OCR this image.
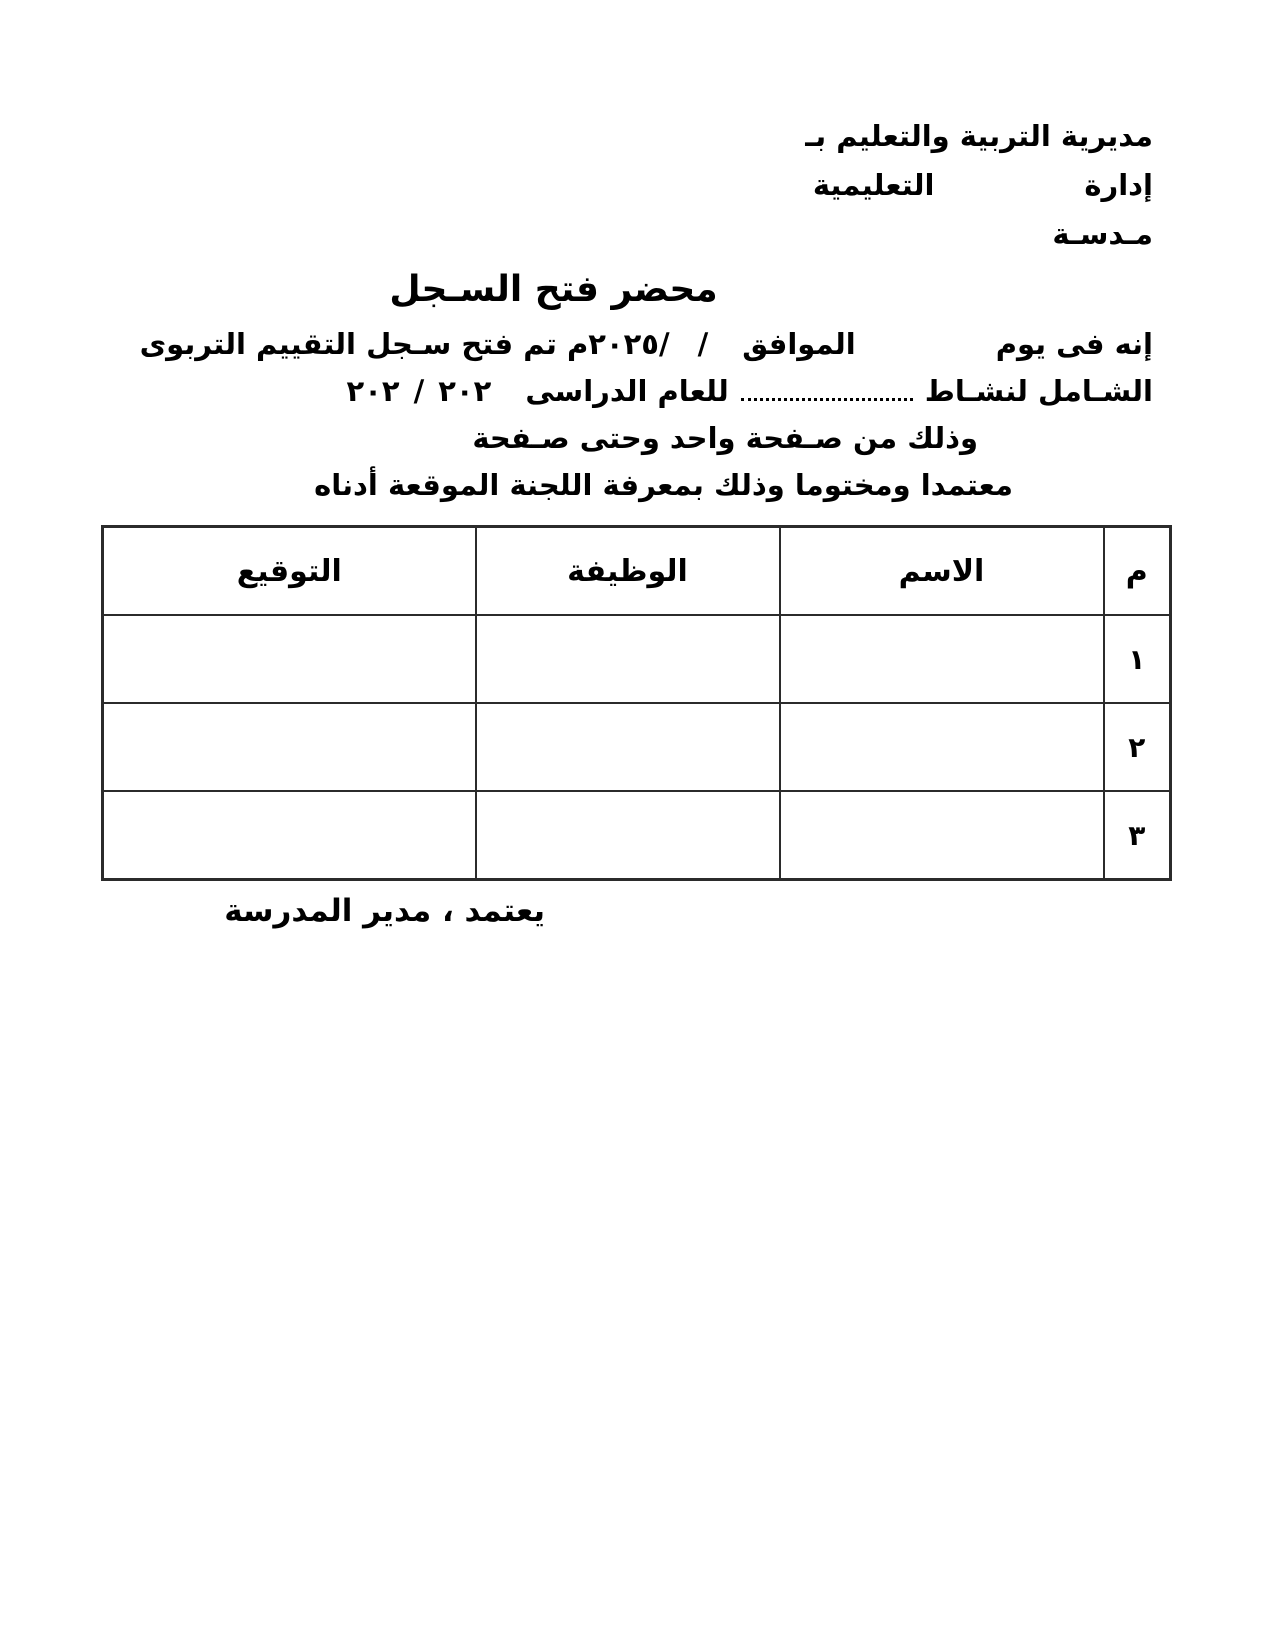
مديرية التربية والتعليم بـ
إدارةالتعليمية
مـدسـة
محضر فتح السـجل
إنه فى يومالموافق//٢٠٢٥م تم فتح سـجل التقييم التربوى
الشـامل لنشـاطللعام الدراسى٢٠٢/٢٠٢
وذلك من صـفحة واحد وحتى صـفحة
معتمدا ومختوما وذلك بمعرفة اللجنة الموقعة أدناه
م	الاسم	الوظيفة	التوقيع
١			
٢			
٣			
يعتمد ، مدير المدرسة
